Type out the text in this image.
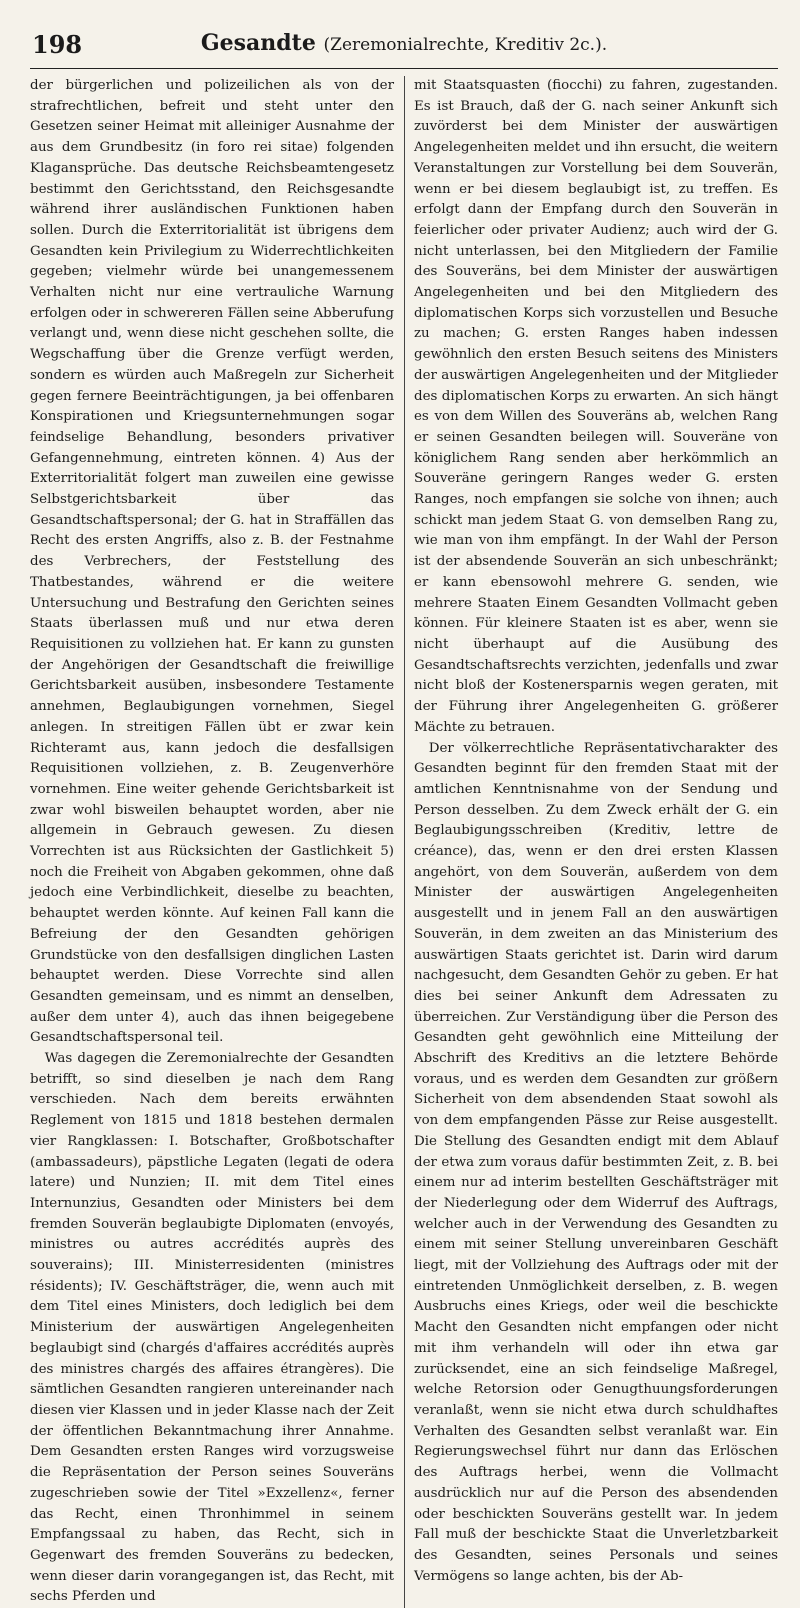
198	Gesandte (Zeremonialrechte, Kreditiv 2c.).

der bürgerlichen und polizeilichen als von der strafrechtlichen, befreit und steht unter den Gesetzen seiner Heimat mit alleiniger Ausnahme der aus dem Grundbesitz (in foro rei sitae) folgenden Klagansprüche. Das deutsche Reichsbeamtengesetz bestimmt den Gerichtsstand, den Reichsgesandte während ihrer ausländischen Funktionen haben sollen. Durch die Exterritorialität ist übrigens dem Gesandten kein Privilegium zu Widerrechtlichkeiten gegeben; vielmehr würde bei unangemessenem Verhalten nicht nur eine vertrauliche Warnung erfolgen oder in schwereren Fällen seine Abberufung verlangt und, wenn diese nicht geschehen sollte, die Wegschaffung über die Grenze verfügt werden, sondern es würden auch Maßregeln zur Sicherheit gegen fernere Beeinträchtigungen, ja bei offenbaren Konspirationen und Kriegsunternehmungen sogar feindselige Behandlung, besonders privativer Gefangennehmung, eintreten können. 4) Aus der Exterritorialität folgert man zuweilen eine gewisse Selbstgerichtsbarkeit über das Gesandtschaftspersonal; der G. hat in Straffällen das Recht des ersten Angriffs, also z. B. der Festnahme des Verbrechers, der Feststellung des Thatbestandes, während er die weitere Untersuchung und Bestrafung den Gerichten seines Staats überlassen muß und nur etwa deren Requisitionen zu vollziehen hat. Er kann zu gunsten der Angehörigen der Gesandtschaft die freiwillige Gerichtsbarkeit ausüben, insbesondere Testamente annehmen, Beglaubigungen vornehmen, Siegel anlegen. In streitigen Fällen übt er zwar kein Richteramt aus, kann jedoch die desfallsigen Requisitionen vollziehen, z. B. Zeugenverhöre vornehmen. Eine weiter gehende Gerichtsbarkeit ist zwar wohl bisweilen behauptet worden, aber nie allgemein in Gebrauch gewesen. Zu diesen Vorrechten ist aus Rücksichten der Gastlichkeit 5) noch die Freiheit von Abgaben gekommen, ohne daß jedoch eine Verbindlichkeit, dieselbe zu beachten, behauptet werden könnte. Auf keinen Fall kann die Befreiung der den Gesandten gehörigen Grundstücke von den desfallsigen dinglichen Lasten behauptet werden. Diese Vorrechte sind allen Gesandten gemeinsam, und es nimmt an denselben, außer dem unter 4), auch das ihnen beigegebene Gesandtschaftspersonal teil.

Was dagegen die Zeremonialrechte der Gesandten betrifft, so sind dieselben je nach dem Rang verschieden. Nach dem bereits erwähnten Reglement von 1815 und 1818 bestehen dermalen vier Rangklassen: I. Botschafter, Großbotschafter (ambassadeurs), päpstliche Legaten (legati de odera latere) und Nunzien; II. mit dem Titel eines Internunzius, Gesandten oder Ministers bei dem fremden Souverän beglaubigte Diplomaten (envoyés, ministres ou autres accrédités auprès des souverains); III. Ministerresidenten (ministres résidents); IV. Geschäftsträger, die, wenn auch mit dem Titel eines Ministers, doch lediglich bei dem Ministerium der auswärtigen Angelegenheiten beglaubigt sind (chargés d'affaires accrédités auprès des ministres chargés des affaires étrangères). Die sämtlichen Gesandten rangieren untereinander nach diesen vier Klassen und in jeder Klasse nach der Zeit der öffentlichen Bekanntmachung ihrer Annahme. Dem Gesandten ersten Ranges wird vorzugsweise die Repräsentation der Person seines Souveräns zugeschrieben sowie der Titel »Exzellenz«, ferner das Recht, einen Thronhimmel in seinem Empfangssaal zu haben, das Recht, sich in Gegenwart des fremden Souveräns zu bedecken, wenn dieser darin vorangegangen ist, das Recht, mit sechs Pferden und

mit Staatsquasten (fiocchi) zu fahren, zugestanden. Es ist Brauch, daß der G. nach seiner Ankunft sich zuvörderst bei dem Minister der auswärtigen Angelegenheiten meldet und ihn ersucht, die weitern Veranstaltungen zur Vorstellung bei dem Souverän, wenn er bei diesem beglaubigt ist, zu treffen. Es erfolgt dann der Empfang durch den Souverän in feierlicher oder privater Audienz; auch wird der G. nicht unterlassen, bei den Mitgliedern der Familie des Souveräns, bei dem Minister der auswärtigen Angelegenheiten und bei den Mitgliedern des diplomatischen Korps sich vorzustellen und Besuche zu machen; G. ersten Ranges haben indessen gewöhnlich den ersten Besuch seitens des Ministers der auswärtigen Angelegenheiten und der Mitglieder des diplomatischen Korps zu erwarten. An sich hängt es von dem Willen des Souveräns ab, welchen Rang er seinen Gesandten beilegen will. Souveräne von königlichem Rang senden aber herkömmlich an Souveräne geringern Ranges weder G. ersten Ranges, noch empfangen sie solche von ihnen; auch schickt man jedem Staat G. von demselben Rang zu, wie man von ihm empfängt. In der Wahl der Person ist der absendende Souverän an sich unbeschränkt; er kann ebensowohl mehrere G. senden, wie mehrere Staaten Einem Gesandten Vollmacht geben können. Für kleinere Staaten ist es aber, wenn sie nicht überhaupt auf die Ausübung des Gesandtschaftsrechts verzichten, jedenfalls und zwar nicht bloß der Kostenersparnis wegen geraten, mit der Führung ihrer Angelegenheiten G. größerer Mächte zu betrauen.

Der völkerrechtliche Repräsentativcharakter des Gesandten beginnt für den fremden Staat mit der amtlichen Kenntnisnahme von der Sendung und Person desselben. Zu dem Zweck erhält der G. ein Beglaubigungsschreiben (Kreditiv, lettre de créance), das, wenn er den drei ersten Klassen angehört, von dem Souverän, außerdem von dem Minister der auswärtigen Angelegenheiten ausgestellt und in jenem Fall an den auswärtigen Souverän, in dem zweiten an das Ministerium des auswärtigen Staats gerichtet ist. Darin wird darum nachgesucht, dem Gesandten Gehör zu geben. Er hat dies bei seiner Ankunft dem Adressaten zu überreichen. Zur Verständigung über die Person des Gesandten geht gewöhnlich eine Mitteilung der Abschrift des Kreditivs an die letztere Behörde voraus, und es werden dem Gesandten zur größern Sicherheit von dem absendenden Staat sowohl als von dem empfangenden Pässe zur Reise ausgestellt. Die Stellung des Gesandten endigt mit dem Ablauf der etwa zum voraus dafür bestimmten Zeit, z. B. bei einem nur ad interim bestellten Geschäftsträger mit der Niederlegung oder dem Widerruf des Auftrags, welcher auch in der Verwendung des Gesandten zu einem mit seiner Stellung unvereinbaren Geschäft liegt, mit der Vollziehung des Auftrags oder mit der eintretenden Unmöglichkeit derselben, z. B. wegen Ausbruchs eines Kriegs, oder weil die beschickte Macht den Gesandten nicht empfangen oder nicht mit ihm verhandeln will oder ihn etwa gar zurücksendet, eine an sich feindselige Maßregel, welche Retorsion oder Genugthuungsforderungen veranlaßt, wenn sie nicht etwa durch schuldhaftes Verhalten des Gesandten selbst veranlaßt war. Ein Regierungswechsel führt nur dann das Erlöschen des Auftrags herbei, wenn die Vollmacht ausdrücklich nur auf die Person des absendenden oder beschickten Souveräns gestellt war. In jedem Fall muß der beschickte Staat die Unverletzbarkeit des Gesandten, seines Personals und seines Vermögens so lange achten, bis der Ab-
